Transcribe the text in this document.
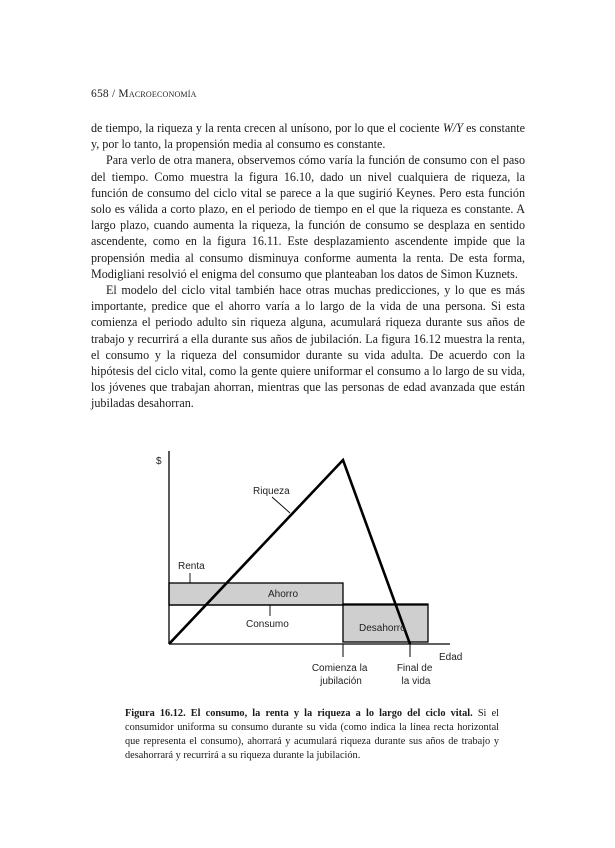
658 / Macroeconomía

de tiempo, la riqueza y la renta crecen al unísono, por lo que el cociente W/Y es constante y, por lo tanto, la propensión media al consumo es constante.

Para verlo de otra manera, observemos cómo varía la función de consumo con el paso del tiempo. Como muestra la figura 16.10, dado un nivel cualquiera de riqueza, la función de consumo del ciclo vital se parece a la que sugirió Keynes. Pero esta función solo es válida a corto plazo, en el periodo de tiempo en el que la riqueza es constante. A largo plazo, cuando aumenta la riqueza, la función de consumo se desplaza en sentido ascendente, como en la figura 16.11. Este desplazamiento ascendente impide que la propensión media al consumo disminuya conforme aumenta la renta. De esta forma, Modigliani resolvió el enigma del consumo que planteaban los datos de Simon Kuznets.

El modelo del ciclo vital también hace otras muchas predicciones, y lo que es más importante, predice que el ahorro varía a lo largo de la vida de una persona. Si esta comienza el periodo adulto sin riqueza alguna, acumulará riqueza durante sus años de trabajo y recurrirá a ella durante sus años de jubilación. La figura 16.12 muestra la renta, el consumo y la riqueza del consumidor durante su vida adulta. De acuerdo con la hipótesis del ciclo vital, como la gente quiere uniformar el consumo a lo largo de su vida, los jóvenes que trabajan ahorran, mientras que las personas de edad avanzada que están jubiladas desahorran.

$
Edad
Riqueza
Renta
Ahorro
Consumo	Desahorro
Comienza la jubilación
Final de la vida
Figura 16.12. El consumo, la renta y la riqueza a lo largo del ciclo vital. Si el consumidor uniforma su consumo durante su vida (como indica la línea recta horizontal que representa el consumo), ahorrará y acumulará riqueza durante sus años de trabajo y desahorrará y recurrirá a su riqueza durante la jubilación.
